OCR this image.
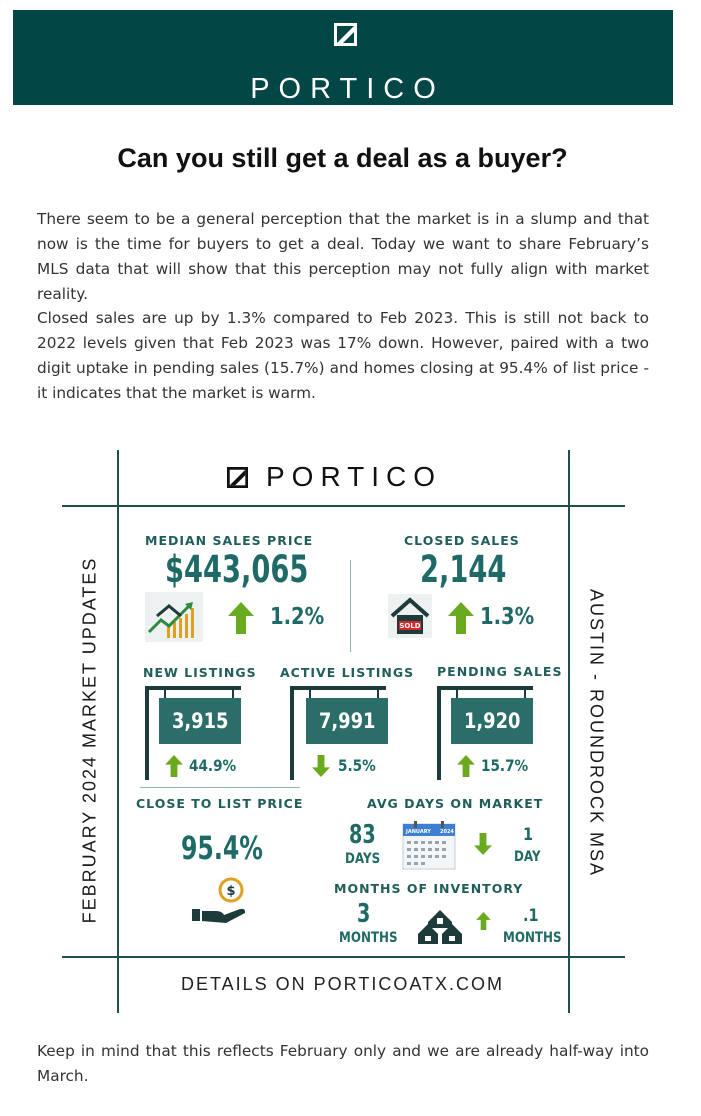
PORTICO
Can you still get a deal as a buyer?

There seem to be a general perception that the market is in a slump and that now is the time for buyers to get a deal. Today we want to share February’s MLS data that will show that this perception may not fully align with market reality.

Closed sales are up by 1.3% compared to Feb 2023. This is still not back to 2022 levels given that Feb 2023 was 17% down. However, paired with a two digit uptake in pending sales (15.7%) and homes closing at 95.4% of list price - it indicates that the market is warm.

PORTICO
FEBRUARY 2024 MARKET UPDATES	AUSTIN - ROUNDROCK MSA
MEDIAN SALES PRICE
$443,065
1.2%
CLOSED SALES
2,144
SOLD	1.3%
NEW LISTINGS
3,915
44.9%
ACTIVE LISTINGS
7,991
5.5%
PENDING SALES
1,920
15.7%
CLOSE TO LIST PRICE
95.4%
$
AVG DAYS ON MARKET
83
DAYS
JANUARY 2024	1
DAY
MONTHS OF INVENTORY
3
MONTHS
.1
MONTHS
DETAILS ON PORTICOATX.COM

Keep in mind that this reflects February only and we are already half-way into March.
